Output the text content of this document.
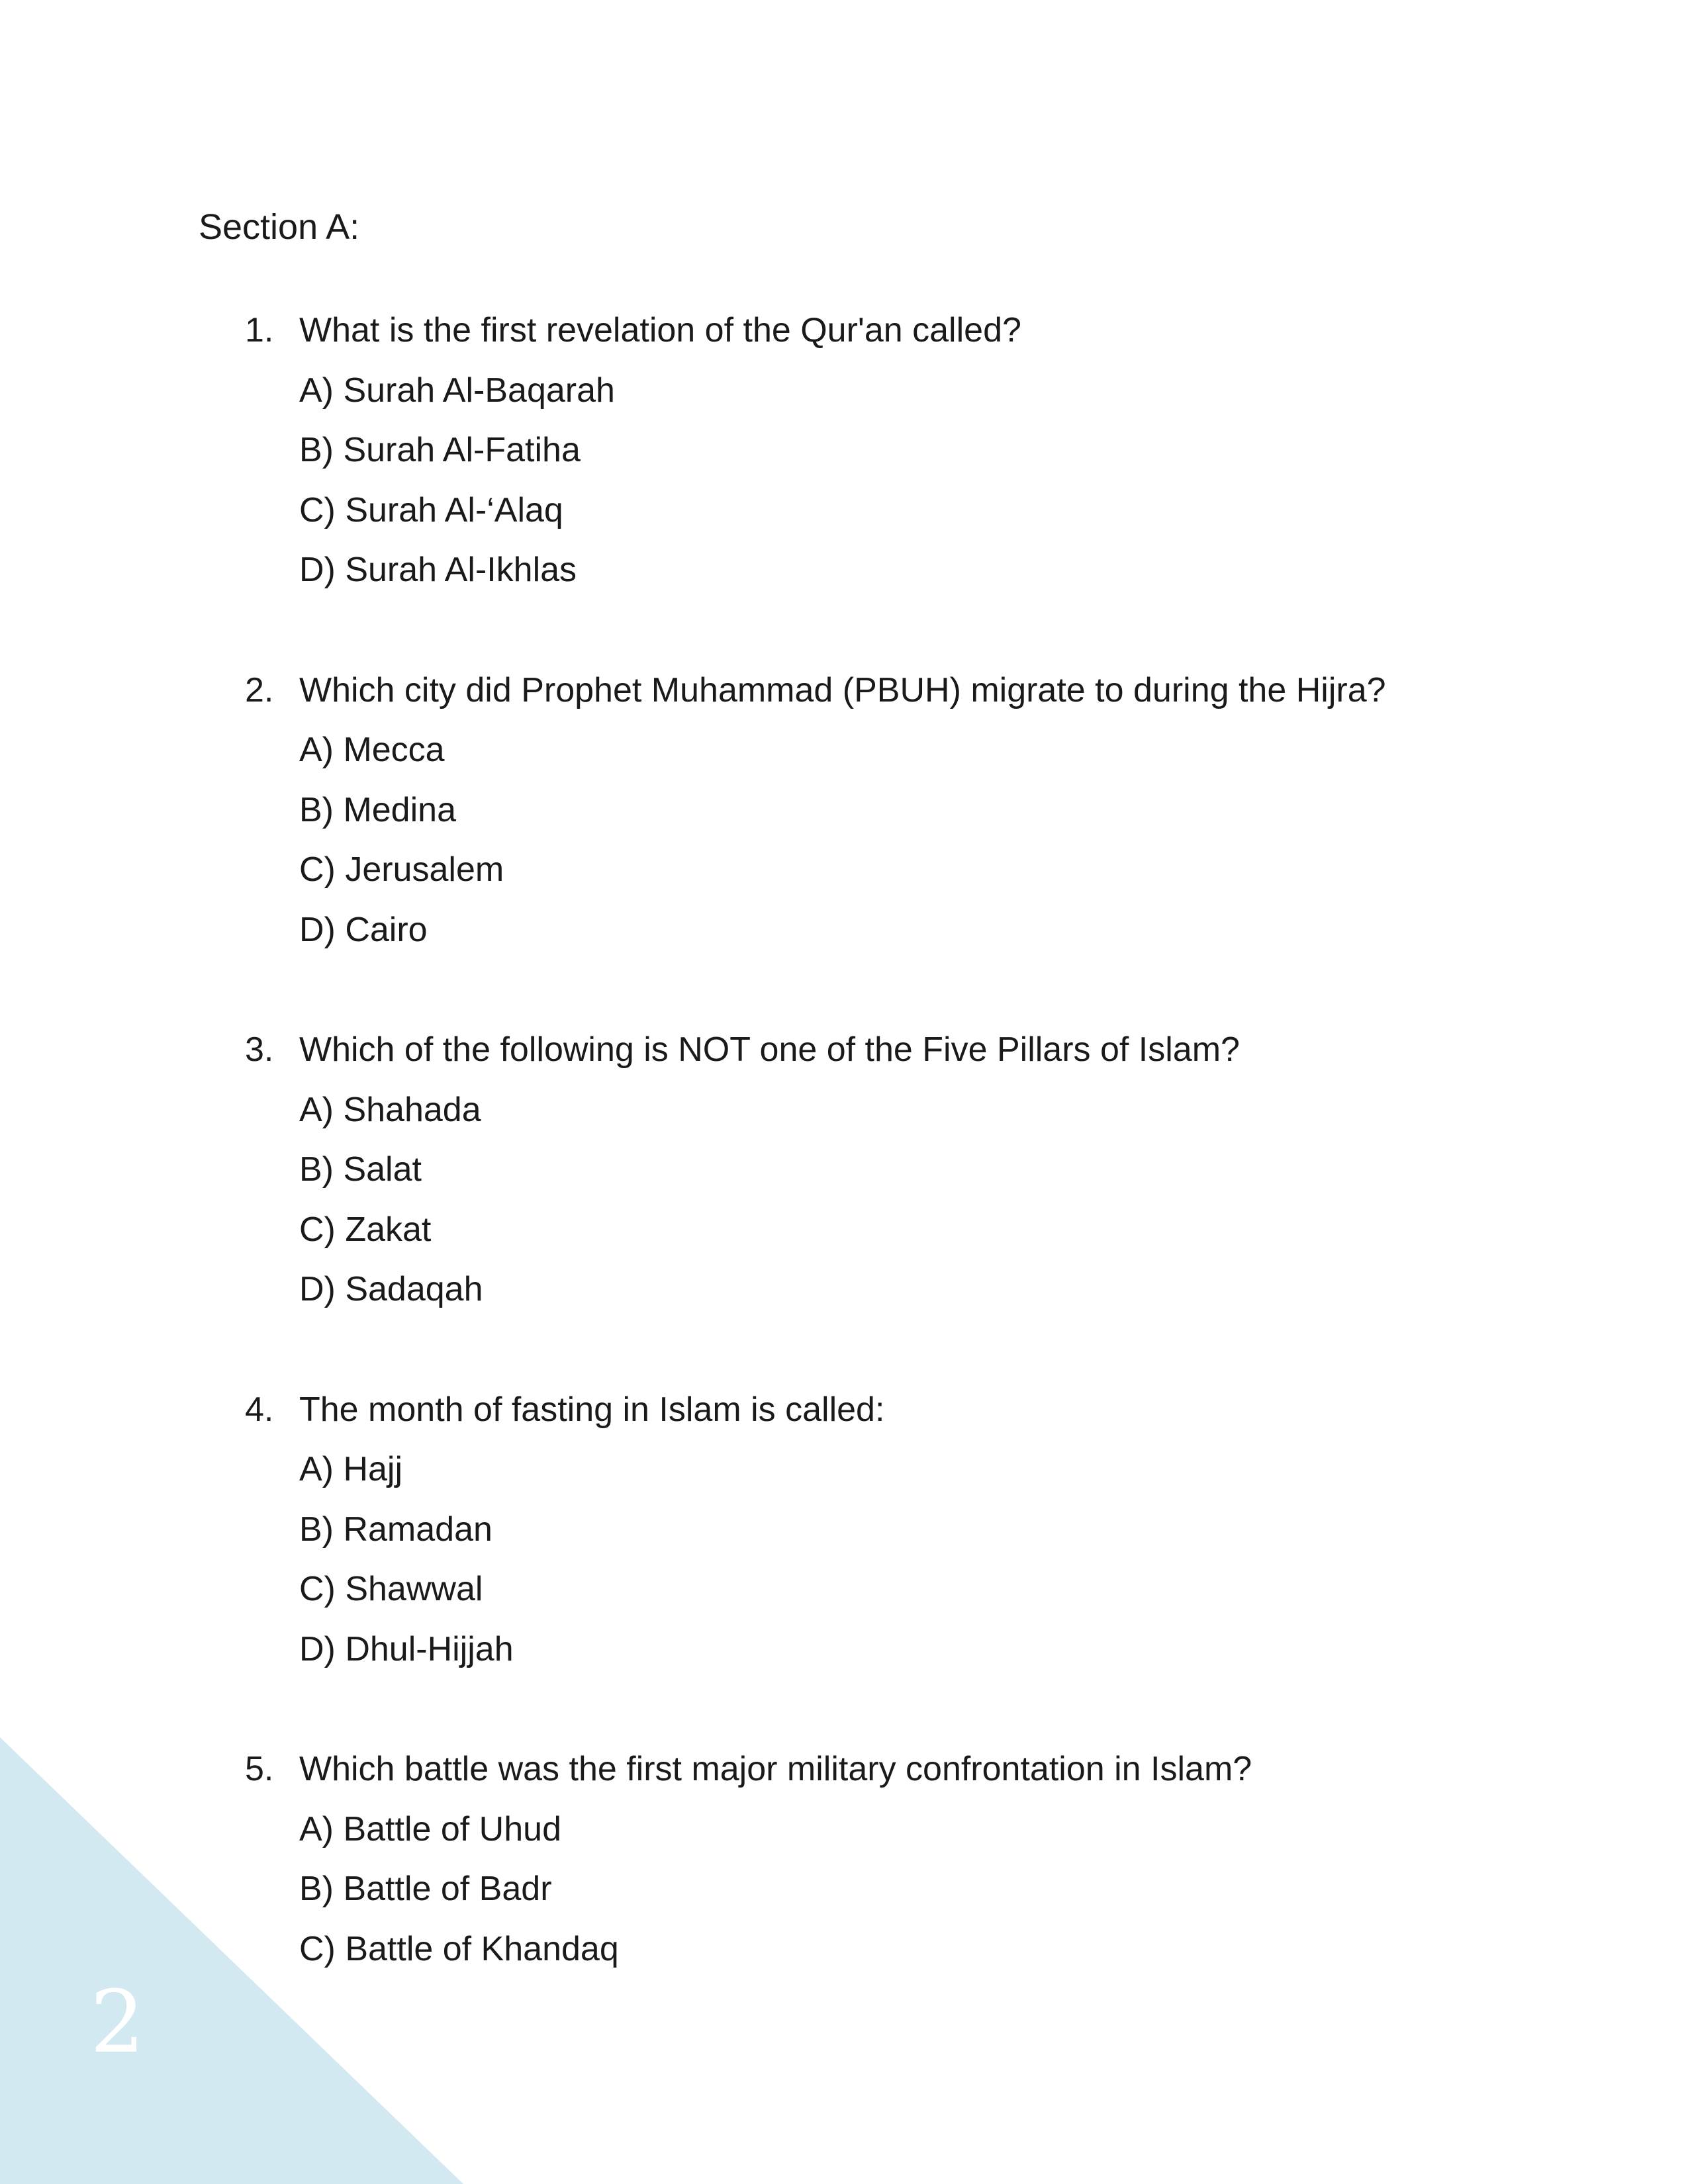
2
Section A:
1. What is the first revelation of the Qur'an called?
A) Surah Al-Baqarah
B) Surah Al-Fatiha
C) Surah Al-‘Alaq
D) Surah Al-Ikhlas
2. Which city did Prophet Muhammad (PBUH) migrate to during the Hijra?
A) Mecca
B) Medina
C) Jerusalem
D) Cairo
3. Which of the following is NOT one of the Five Pillars of Islam?
A) Shahada
B) Salat
C) Zakat
D) Sadaqah
4. The month of fasting in Islam is called:
A) Hajj
B) Ramadan
C) Shawwal
D) Dhul-Hijjah
5. Which battle was the first major military confrontation in Islam?
A) Battle of Uhud
B) Battle of Badr
C) Battle of Khandaq
